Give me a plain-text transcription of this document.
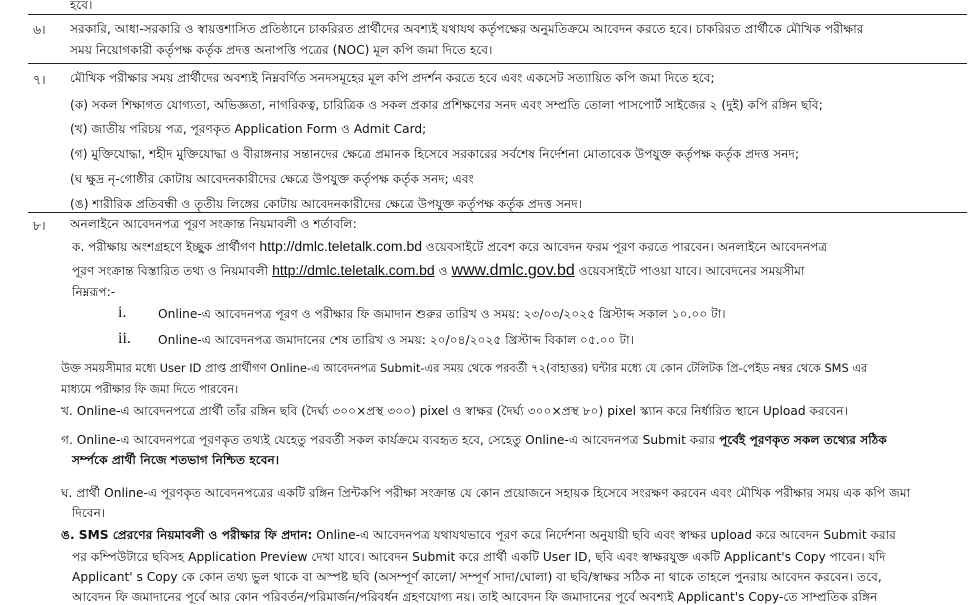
হবে।
৬। সরকারি, আধা-সরকারি ও স্বায়ত্তশাসিত প্রতিষ্ঠানে চাকরিরত প্রার্থীদের অবশ্যই যথাযথ কর্তৃপক্ষের অনুমতিক্রমে আবেদন করতে হবে। চাকরিরত প্রার্থীকে মৌখিক পরীক্ষার
সময় নিয়োগকারী কর্তৃপক্ষ কর্তৃক প্রদত্ত অনাপত্তি পত্রের (NOC) মূল কপি জমা দিতে হবে।
৭। মৌখিক পরীক্ষার সময় প্রার্থীদের অবশ্যই নিম্নবর্ণিত সনদসমূহের মূল কপি প্রদর্শন করতে হবে এবং একসেট সত্যায়িত কপি জমা দিতে হবে;
(ক) সকল শিক্ষাগত যোগ্যতা, অভিজ্ঞতা, নাগরিকত্ব, চারিত্রিক ও সকল প্রকার প্রশিক্ষণের সনদ এবং সম্প্রতি তোলা পাসপোর্ট সাইজের ২ (দুই) কপি রঙ্গিন ছবি;
(খ) জাতীয় পরিচয় পত্র, পূরণকৃত Application Form ও Admit Card;
(গ) মুক্তিযোদ্ধা, শহীদ মুক্তিযোদ্ধা ও বীরাঙ্গনার সন্তানদের ক্ষেত্রে প্রমানক হিসেবে সরকারের সর্বশেষ নির্দেশনা মোতাবেক উপযুক্ত কর্তৃপক্ষ কর্তৃক প্রদত্ত সনদ;
(ঘ ক্ষুদ্র নৃ-গোষ্ঠীর কোটায় আবেদনকারীদের ক্ষেত্রে উপযুক্ত কর্তৃপক্ষ কর্তৃক সনদ; এবং
(ঙ) শারীরিক প্রতিবন্ধী ও তৃতীয় লিঙ্গের কোটায় আবেদনকারীদের ক্ষেত্রে উপযুক্ত কর্তৃপক্ষ কর্তৃক প্রদত্ত সনদ।
৮। অনলাইনে আবেদনপত্র পূরণ সংক্রান্ত নিয়মাবলী ও শর্তাবলি:
ক. পরীক্ষায় অংশগ্রহণে ইচ্ছুক প্রার্থীগণ http://dmlc.teletalk.com.bd ওয়েবসাইটে প্রবেশ করে আবেদন ফরম পূরণ করতে পারবেন। অনলাইনে আবেদনপত্র
পূরণ সংক্রান্ত বিস্তারিত তথ্য ও নিয়মাবলী http://dmlc.teletalk.com.bd ও www.dmlc.gov.bd ওয়েবসাইটে পাওয়া যাবে। আবেদনের সময়সীমা
নিম্নরূপ:-
i.	Online-এ আবেদনপত্র পূরণ ও পরীক্ষার ফি জমাদান শুরুর তারিখ ও সময়: ২৩/০৩/২০২৫ খ্রিস্টাব্দ সকাল ১০.০০ টা।
ii. Online-এ আবেদনপত্র জমাদানের শেষ তারিখ ও সময়: ২০/০৪/২০২৫ খ্রিস্টাব্দ বিকাল ০৫.০০ টা।
উক্ত সময়সীমার মধ্যে User ID প্রাপ্ত প্রার্থীগণ Online-এ আবেদনপত্র Submit-এর সময় থেকে পরবর্তী ৭২(বাহাত্তর) ঘন্টার মধ্যে যে কোন টেলিটক প্রি-পেইড নম্বর থেকে SMS এর
মাধ্যমে পরীক্ষার ফি জমা দিতে পারবেন।
খ. Online-এ আবেদনপত্রে প্রার্থী তাঁর রঙ্গিন ছবি (দৈর্ঘ্য ৩০০×প্রস্থ ৩০০) pixel ও স্বাক্ষর (দৈর্ঘ্য ৩০০×প্রস্থ ৮০) pixel স্ক্যান করে নির্ধারিত স্থানে Upload করবেন।
গ. Online-এ আবেদনপত্রে পূরণকৃত তথ্যই যেহেতু পরবর্তী সকল কার্যক্রমে ব্যবহৃত হবে, সেহেতু Online-এ আবেদনপত্র Submit করার পূর্বেই পূরণকৃত সকল তথ্যের সঠিক
সর্ম্পকে প্রার্থী নিজে শতভাগ নিশ্চিত হবেন।
ঘ. প্রার্থী Online-এ পূরণকৃত আবেদনপত্রের একটি রঙ্গিন প্রিন্টকপি পরীক্ষা সংক্রান্ত যে কোন প্রয়োজনে সহায়ক হিসেবে সংরক্ষণ করবেন এবং মৌখিক পরীক্ষার সময় এক কপি জমা
দিবেন।
ঙ. SMS প্রেরণের নিয়মাবলী ও পরীক্ষার ফি প্রদান: Online-এ আবেদনপত্র যথাযথভাবে পূরণ করে নির্দেশনা অনুযায়ী ছবি এবং স্বাক্ষর upload করে আবেদন Submit করার
পর কম্পিউটারে ছবিসহ Application Preview দেখা যাবে। আবেদন Submit করে প্রার্থী একটি User ID, ছবি এবং স্বাক্ষরযুক্ত একটি Applicant's Copy পাবেন। যদি
Applicant' s Copy কে কোন তথ্য ভুল থাকে বা অস্পষ্ট ছবি (অসম্পূর্ণ কালো/ সম্পূর্ণ সাদা/ঘোলা) বা ছবি/স্বাক্ষর সঠিক না থাকে তাহলে পুনরায় আবেদন করবেন। তবে,
আবেদন ফি জমাদানের পূর্বে আর কোন পরিবর্তন/পরিমার্জন/পরিবর্ধন গ্রহণযোগ্য নয়। তাই আবেদন ফি জমাদানের পূর্বে অবশ্যই Applicant's Copy-তে সাম্প্রতিক রঙ্গিন
